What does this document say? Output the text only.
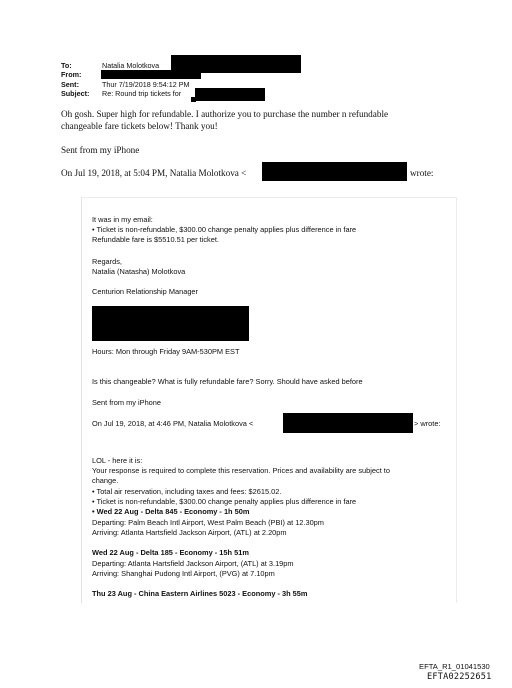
To:	Natalia Molotkova
From:
Sent:	Thur 7/19/2018 9:54:12 PM
Subject: Re: Round trip tickets for
Oh gosh. Super high for refundable. I authorize you to purchase the number n refundable
changeable fare tickets below! Thank you!
Sent from my iPhone
On Jul 19, 2018, at 5:04 PM, Natalia Molotkova <	wrote:
It was in my email:
• Ticket is non-refundable, $300.00 change penalty applies plus difference in fare
Refundable fare is $5510.51 per ticket.
Regards,
Natalia (Natasha) Molotkova
Centurion Relationship Manager
Hours: Mon through Friday 9AM-530PM EST
Is this changeable? What is fully refundable fare? Sorry. Should have asked before
Sent from my iPhone
On Jul 19, 2018, at 4:46 PM, Natalia Molotkova <	> wrote:
LOL - here it is:
Your response is required to complete this reservation. Prices and availability are subject to
change.
• Total air reservation, including taxes and fees: $2615.02.
• Ticket is non-refundable, $300.00 change penalty applies plus difference in fare
• Wed 22 Aug - Delta 845 - Economy - 1h 50m
Departing: Palm Beach Intl Airport, West Palm Beach (PBI) at 12.30pm
Arriving: Atlanta Hartsfield Jackson Airport, (ATL) at 2.20pm
Wed 22 Aug - Delta 185 - Economy - 15h 51m
Departing: Atlanta Hartsfield Jackson Airport, (ATL) at 3.19pm
Arriving: Shanghai Pudong Intl Airport, (PVG) at 7.10pm
Thu 23 Aug - China Eastern Airlines 5023 - Economy - 3h 55m
EFTA_R1_01041530
EFTA02252651
